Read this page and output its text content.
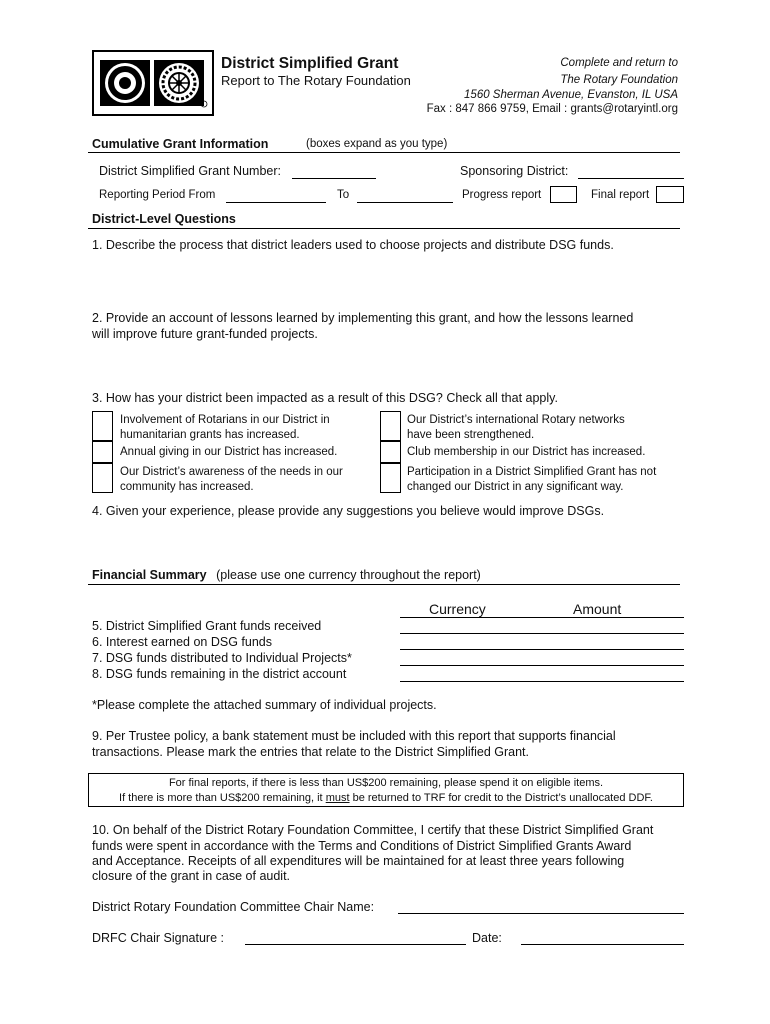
District Simplified Grant
Report to The Rotary Foundation
Complete and return to
The Rotary Foundation
1560 Sherman Avenue, Evanston, IL USA
Fax : 847 866 9759, Email : grants@rotaryintl.org
Cumulative Grant Information	(boxes expand as you type)
District Simplified Grant Number:	Sponsoring District:
Reporting Period From	To	Progress report	Final report
District-Level Questions
1. Describe the process that district leaders used to choose projects and distribute DSG funds.
2. Provide an account of lessons learned by implementing this grant, and how the lessons learned
will improve future grant-funded projects.
3. How has your district been impacted as a result of this DSG? Check all that apply.
Involvement of Rotarians in our District in
humanitarian grants has increased.
Annual giving in our District has increased.
Our District’s awareness of the needs in our
community has increased.
Our District’s international Rotary networks
have been strengthened.
Club membership in our District has increased.
Participation in a District Simplified Grant has not
changed our District in any significant way.
4. Given your experience, please provide any suggestions you believe would improve DSGs.
Financial Summary (please use one currency throughout the report)
Currency	Amount
5. District Simplified Grant funds received
6. Interest earned on DSG funds
7. DSG funds distributed to Individual Projects*
8. DSG funds remaining in the district account
*Please complete the attached summary of individual projects.
9. Per Trustee policy, a bank statement must be included with this report that supports financial
transactions. Please mark the entries that relate to the District Simplified Grant.
For final reports, if there is less than US$200 remaining, please spend it on eligible items.
If there is more than US$200 remaining, it must be returned to TRF for credit to the District’s unallocated DDF.
10. On behalf of the District Rotary Foundation Committee, I certify that these District Simplified Grant
funds were spent in accordance with the Terms and Conditions of District Simplified Grants Award
and Acceptance. Receipts of all expenditures will be maintained for at least three years following
closure of the grant in case of audit.
District Rotary Foundation Committee Chair Name:
DRFC Chair Signature :	Date:
